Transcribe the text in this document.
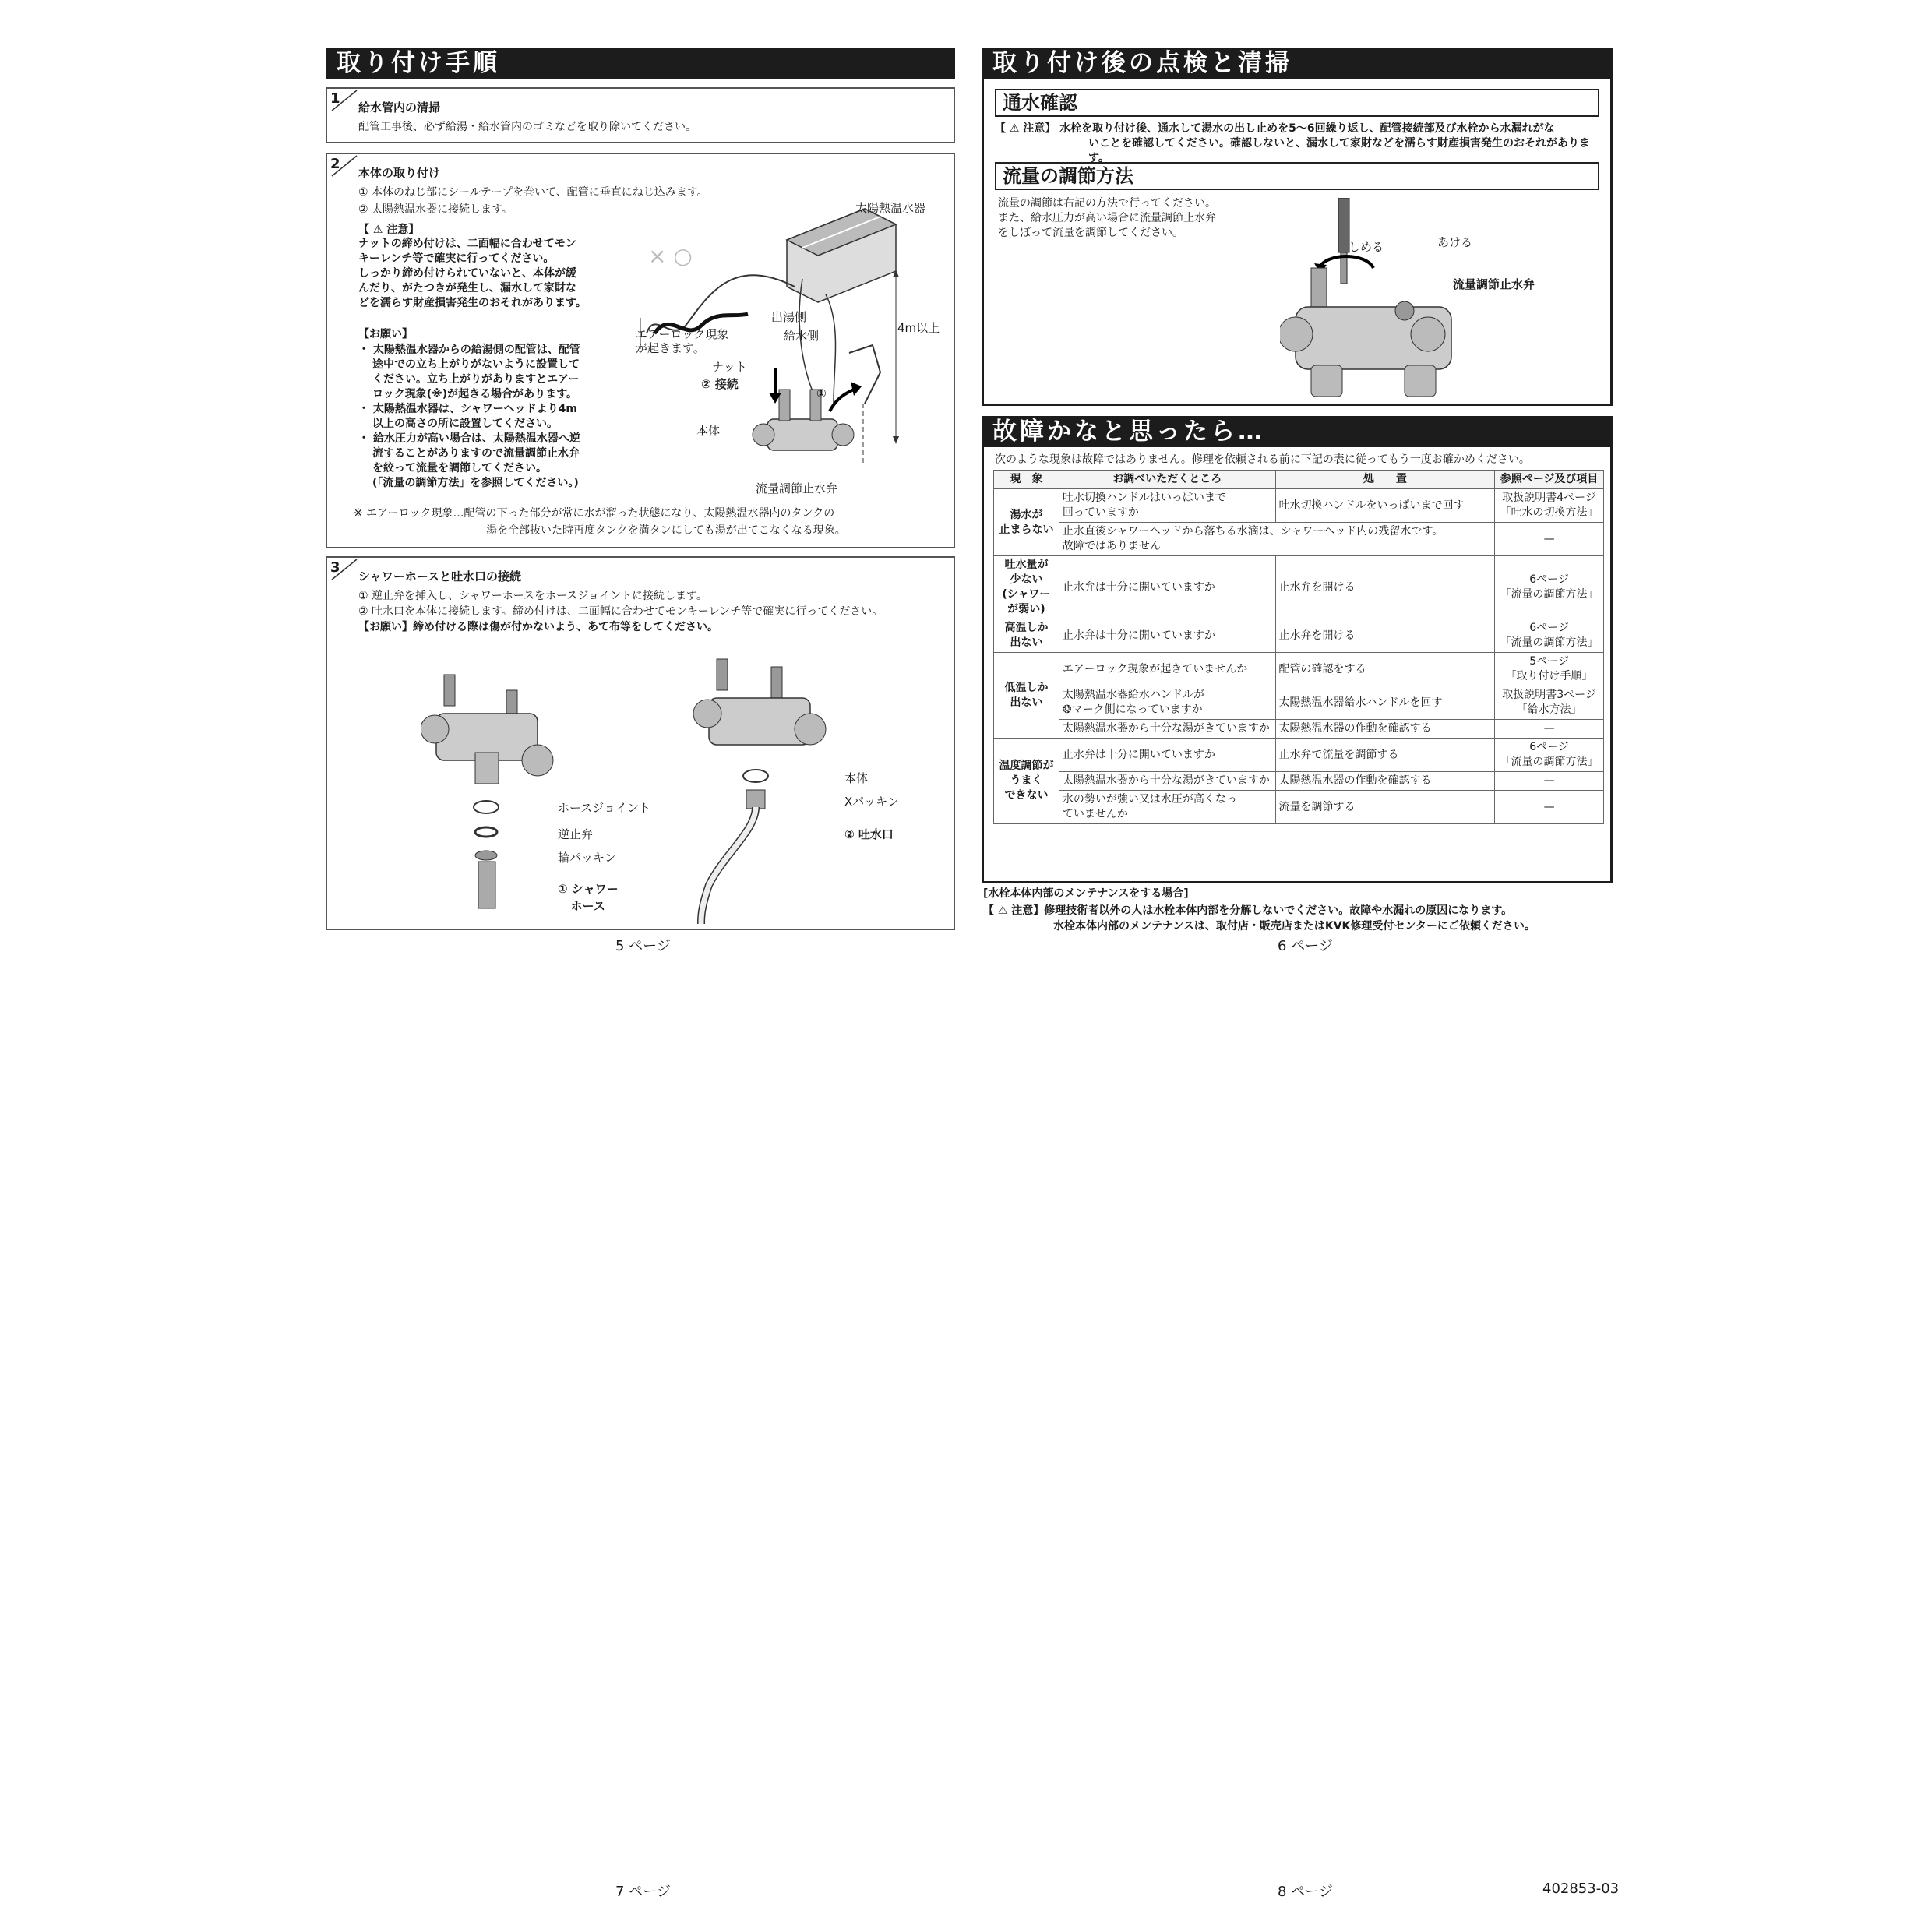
取り付け手順
1
給水管内の清掃
配管工事後、必ず給湯・給水管内のゴミなどを取り除いてください。
2
本体の取り付け
① 本体のねじ部にシールテープを巻いて、配管に垂直にねじ込みます。
② 太陽熱温水器に接続します。
【 ⚠ 注意】
ナットの締め付けは、二面幅に合わせてモン
キーレンチ等で確実に行ってください。
しっかり締め付けられていないと、本体が緩
んだり、がたつきが発生し、漏水して家財な
どを濡らす財産損害発生のおそれがあります。
【お願い】
・ 太陽熱温水器からの給湯側の配管は、配管
途中での立ち上がりがないように設置して
ください。立ち上がりがありますとエアー
ロック現象(※)が起きる場合があります。
・ 太陽熱温水器は、シャワーヘッドより4m
以上の高さの所に設置してください。
・ 給水圧力が高い場合は、太陽熱温水器へ逆
流することがありますので流量調節止水弁
を絞って流量を調節してください。
(「流量の調節方法」を参照してください。)
※ エアーロック現象…配管の下った部分が常に水が溜った状態になり、太陽熱温水器内のタンクの
湯を全部抜いた時再度タンクを満タンにしても湯が出てこなくなる現象。
× ○
太陽熱温水器
エアーロック現象
が起きます。
出湯側
給水側
4m以上
ナット
② 接続
①
本体
流量調節止水弁
3
シャワーホースと吐水口の接続
① 逆止弁を挿入し、シャワーホースをホースジョイントに接続します。
② 吐水口を本体に接続します。締め付けは、二面幅に合わせてモンキーレンチ等で確実に行ってください。
【お願い】締め付ける際は傷が付かないよう、あて布等をしてください。
ホースジョイント
逆止弁
輪パッキン
① シャワー
ホース
本体
Xパッキン
② 吐水口
5 ページ
7 ページ
取り付け後の点検と清掃
通水確認
【 ⚠ 注意】 水栓を取り付け後、通水して湯水の出し止めを5～6回繰り返し、配管接続部及び水栓から水漏れがな
いことを確認してください。確認しないと、漏水して家財などを濡らす財産損害発生のおそれがあります。
流量の調節方法
流量の調節は右記の方法で行ってください。
また、給水圧力が高い場合に流量調節止水弁
をしぼって流量を調節してください。
しめる	あける
流量調節止水弁
故障かなと思ったら…
次のような現象は故障ではありません。修理を依頼される前に下記の表に従ってもう一度お確かめください。
現　象	お調べいただくところ	処　　置	参照ページ及び項目
湯水が
止まらない	吐水切換ハンドルはいっぱいまで
回っていますか	吐水切換ハンドルをいっぱいまで回す	取扱説明書4ページ
「吐水の切換方法」
	止水直後シャワーヘッドから落ちる水滴は、シャワーヘッド内の残留水です。
故障ではありません		—
吐水量が
少ない
(シャワー
が弱い)	止水弁は十分に開いていますか	止水弁を開ける	6ページ
「流量の調節方法」
高温しか
出ない	止水弁は十分に開いていますか	止水弁を開ける	6ページ
「流量の調節方法」
低温しか
出ない	エアーロック現象が起きていませんか	配管の確認をする	5ページ
「取り付け手順」
	太陽熱温水器給水ハンドルが
❂マーク側になっていますか	太陽熱温水器給水ハンドルを回す	取扱説明書3ページ
「給水方法」
	太陽熱温水器から十分な湯がきていますか	太陽熱温水器の作動を確認する	—
温度調節が
うまく
できない	止水弁は十分に開いていますか	止水弁で流量を調節する	6ページ
「流量の調節方法」
	太陽熱温水器から十分な湯がきていますか	太陽熱温水器の作動を確認する	—
	水の勢いが強い又は水圧が高くなっ
ていませんか	流量を調節する	—
[水栓本体内部のメンテナンスをする場合]
【 ⚠ 注意】修理技術者以外の人は水栓本体内部を分解しないでください。故障や水漏れの原因になります。
水栓本体内部のメンテナンスは、取付店・販売店またはKVK修理受付センターにご依頼ください。
6 ページ
8 ページ	402853-03
